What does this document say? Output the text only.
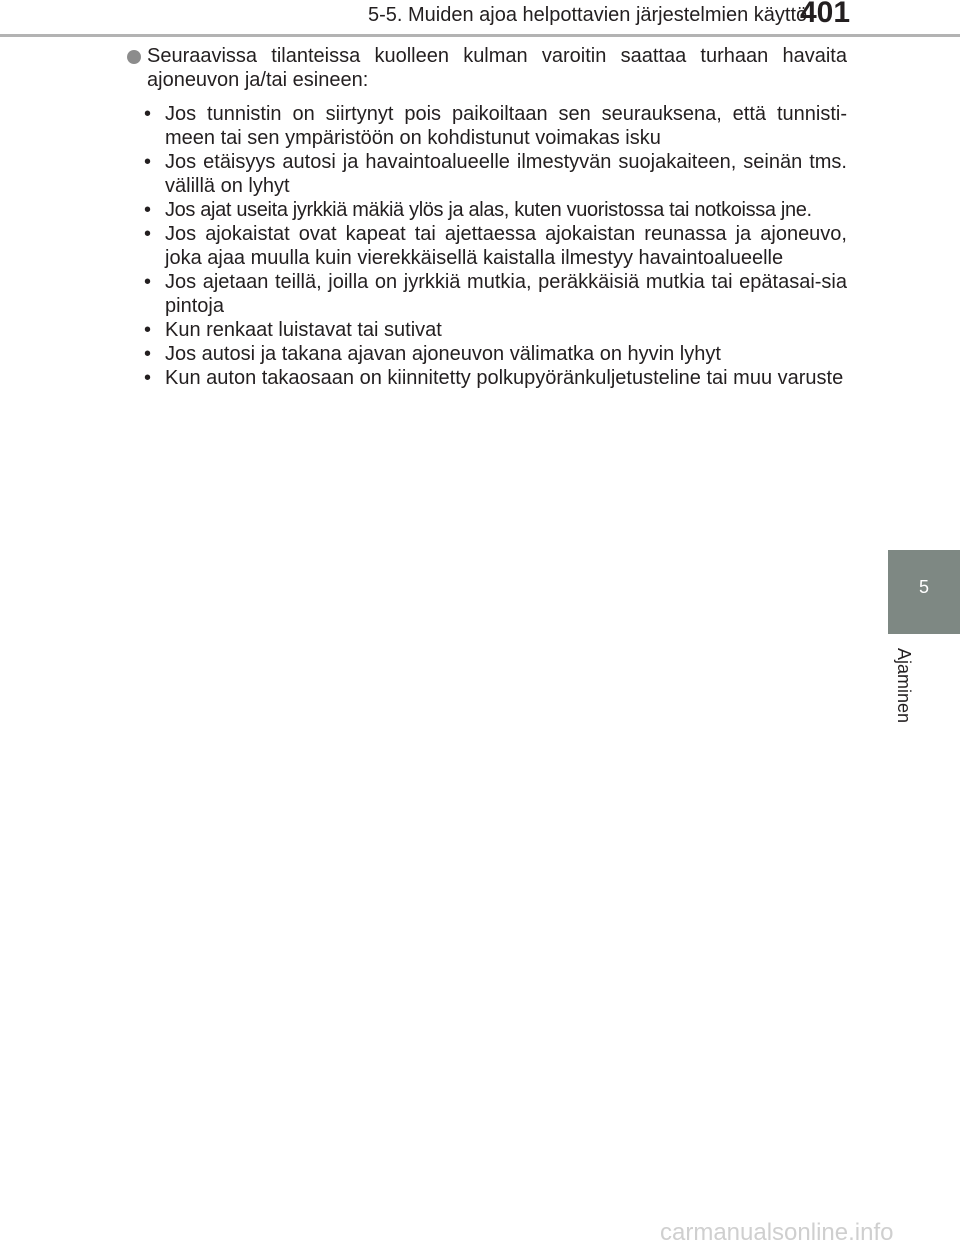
5-5. Muiden ajoa helpottavien järjestelmien käyttö
401
Seuraavissa tilanteissa kuolleen kulman varoitin saattaa turhaan havaita ajoneuvon ja/tai esineen:
• Jos tunnistin on siirtynyt pois paikoiltaan sen seurauksena, että tunnisti-meen tai sen ympäristöön on kohdistunut voimakas isku
• Jos etäisyys autosi ja havaintoalueelle ilmestyvän suojakaiteen, seinän tms. välillä on lyhyt
• Jos ajat useita jyrkkiä mäkiä ylös ja alas, kuten vuoristossa tai notkoissa jne.
• Jos ajokaistat ovat kapeat tai ajettaessa ajokaistan reunassa ja ajoneuvo, joka ajaa muulla kuin vierekkäisellä kaistalla ilmestyy havaintoalueelle
• Jos ajetaan teillä, joilla on jyrkkiä mutkia, peräkkäisiä mutkia tai epätasai-sia pintoja
• Kun renkaat luistavat tai sutivat
• Jos autosi ja takana ajavan ajoneuvon välimatka on hyvin lyhyt
• Kun auton takaosaan on kiinnitetty polkupyöränkuljetusteline tai muu varuste
5
Ajaminen
carmanualsonline.info
